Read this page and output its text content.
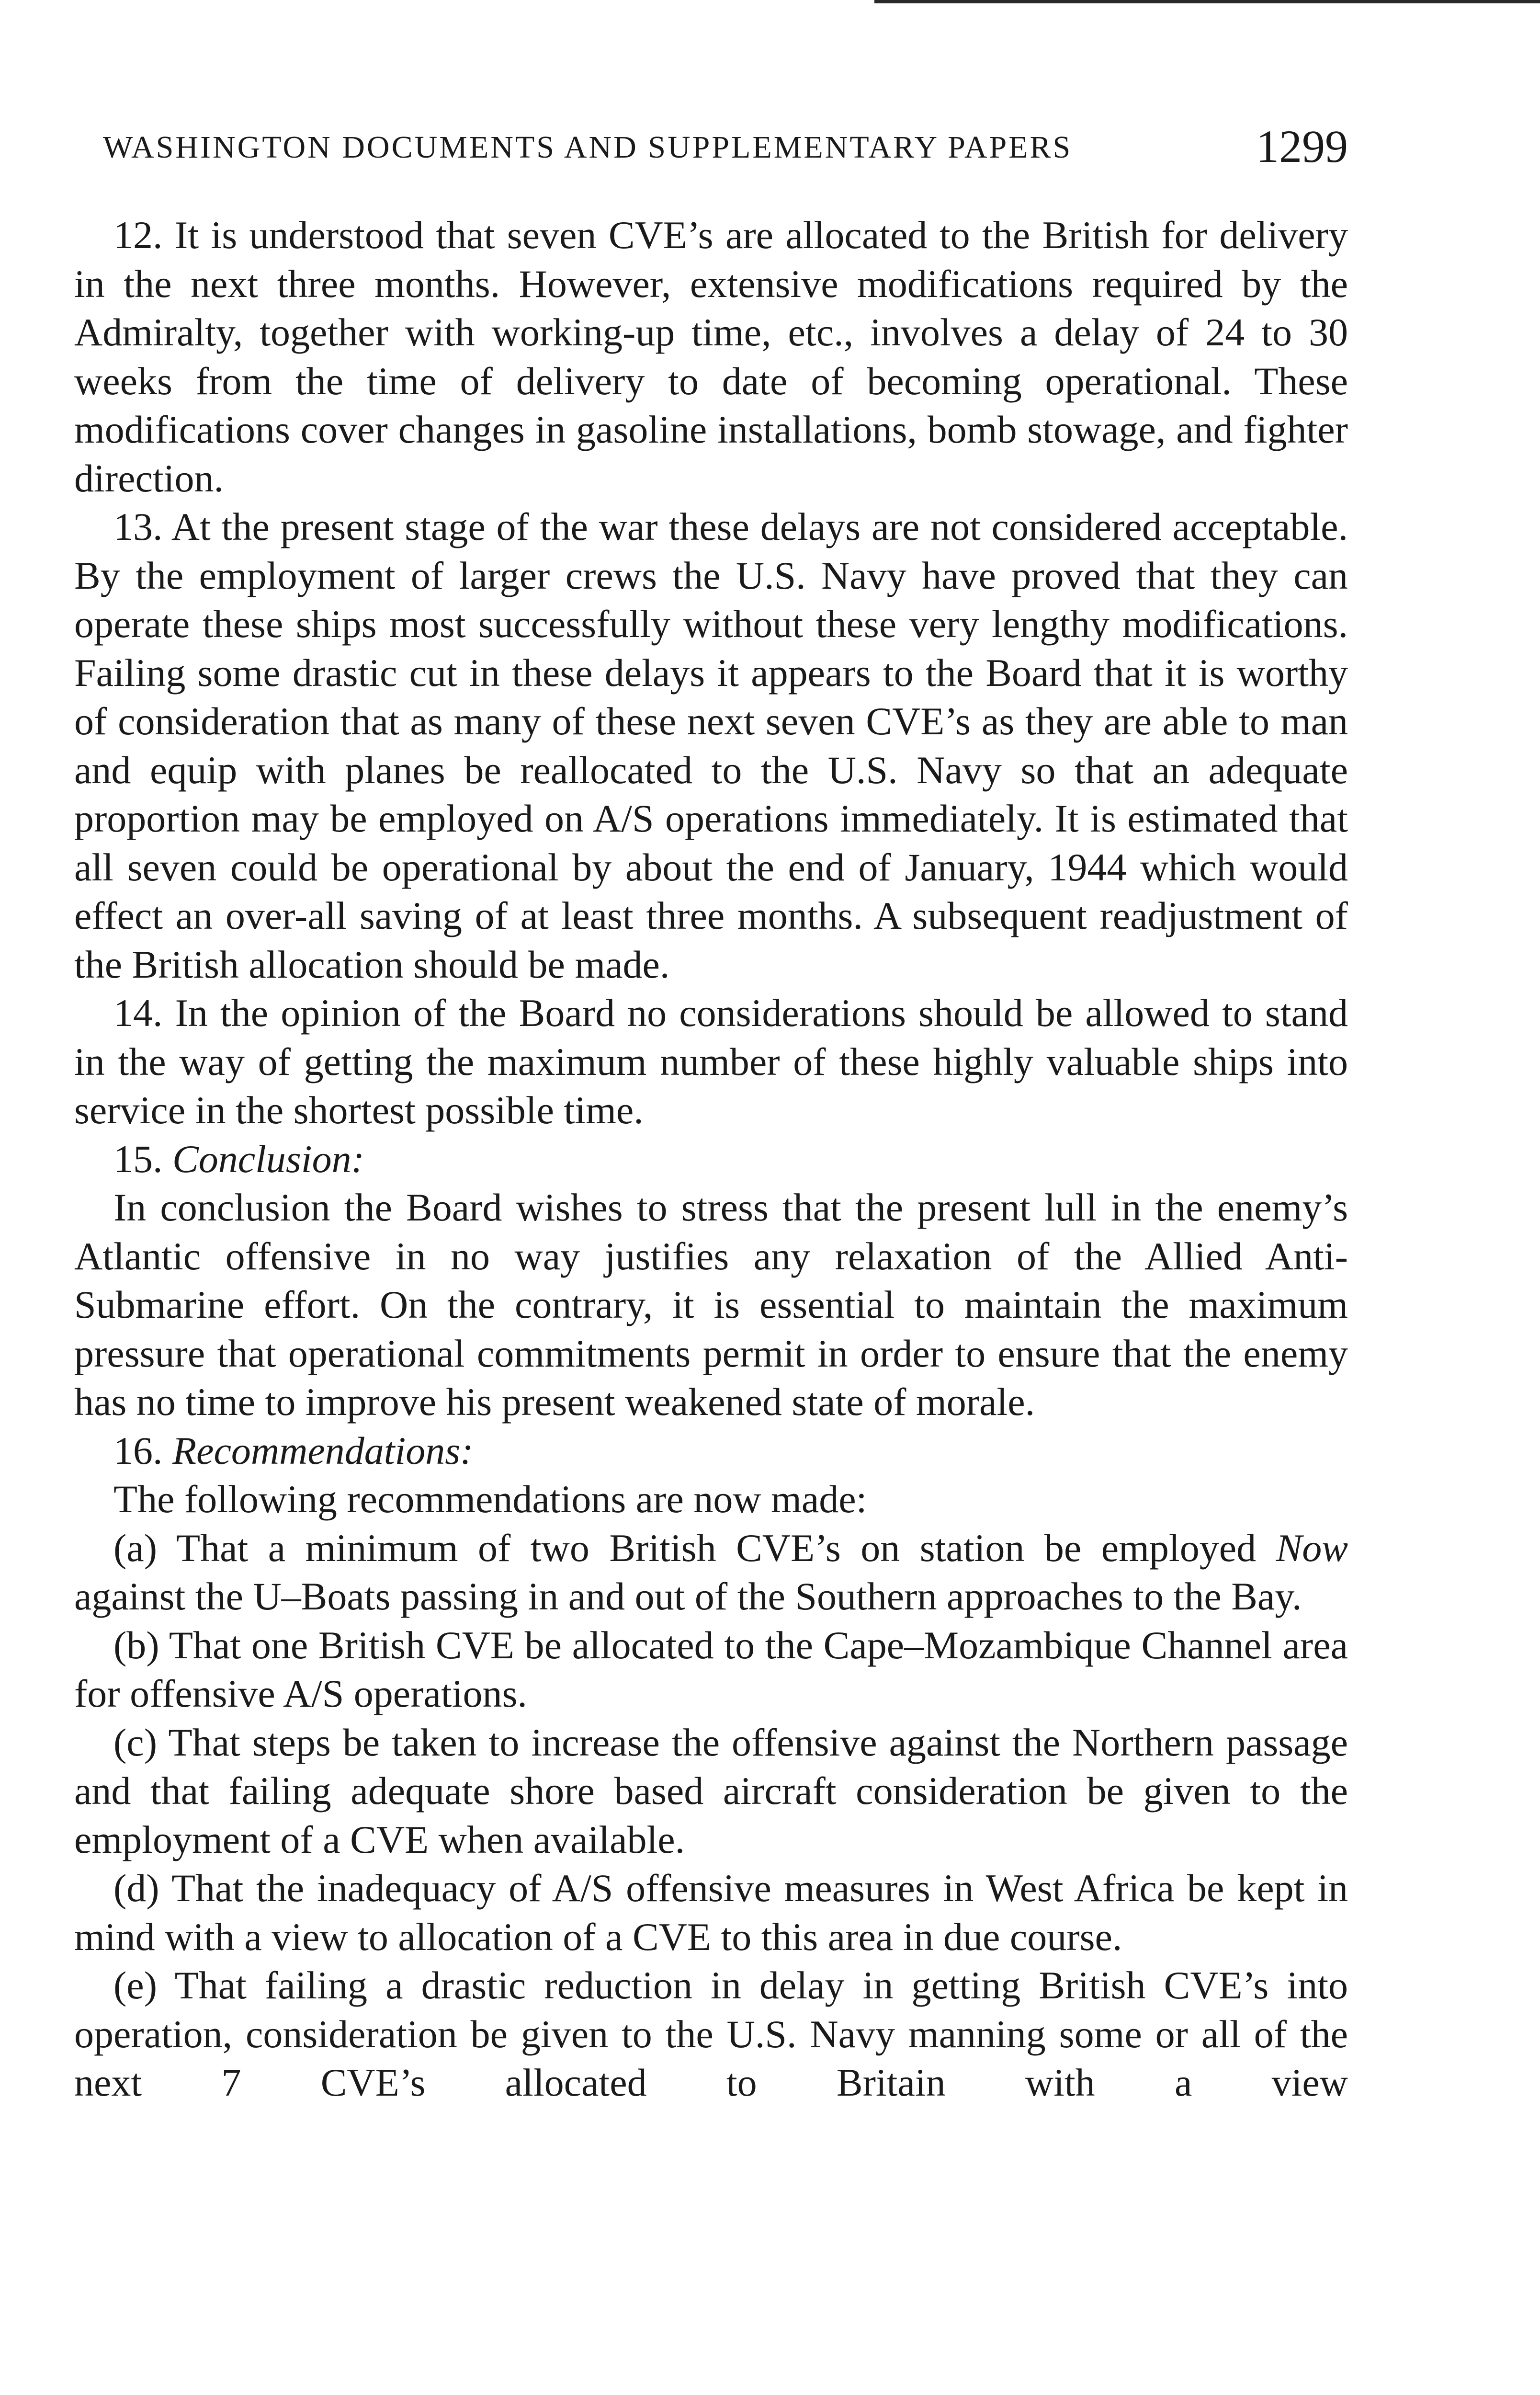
WASHINGTON DOCUMENTS AND SUPPLEMENTARY PAPERS	1299

12. It is understood that seven CVE’s are allocated to the British for delivery in the next three months. However, extensive modifications required by the Admiralty, together with working-up time, etc., involves a delay of 24 to 30 weeks from the time of delivery to date of becoming operational. These modifications cover changes in gasoline installations, bomb stowage, and fighter direction.

13. At the present stage of the war these delays are not considered acceptable. By the employment of larger crews the U.S. Navy have proved that they can operate these ships most successfully without these very lengthy modifications. Failing some drastic cut in these delays it appears to the Board that it is worthy of consideration that as many of these next seven CVE’s as they are able to man and equip with planes be reallocated to the U.S. Navy so that an adequate proportion may be employed on A/S operations immediately. It is estimated that all seven could be operational by about the end of January, 1944 which would effect an over-all saving of at least three months. A subsequent readjustment of the British allocation should be made.

14. In the opinion of the Board no considerations should be allowed to stand in the way of getting the maximum number of these highly valuable ships into service in the shortest possible time.

15. Conclusion:

In conclusion the Board wishes to stress that the present lull in the enemy’s Atlantic offensive in no way justifies any relaxation of the Allied Anti-Submarine effort. On the contrary, it is essential to maintain the maximum pressure that operational commitments permit in order to ensure that the enemy has no time to improve his present weakened state of morale.

16. Recommendations:

The following recommendations are now made:

(a) That a minimum of two British CVE’s on station be employed Now against the U–Boats passing in and out of the Southern approaches to the Bay.

(b) That one British CVE be allocated to the Cape–Mozambique Channel area for offensive A/S operations.

(c) That steps be taken to increase the offensive against the Northern passage and that failing adequate shore based aircraft consideration be given to the employment of a CVE when available.

(d) That the inadequacy of A/S offensive measures in West Africa be kept in mind with a view to allocation of a CVE to this area in due course.

(e) That failing a drastic reduction in delay in getting British CVE’s into operation, consideration be given to the U.S. Navy manning some or all of the next 7 CVE’s allocated to Britain with a view
